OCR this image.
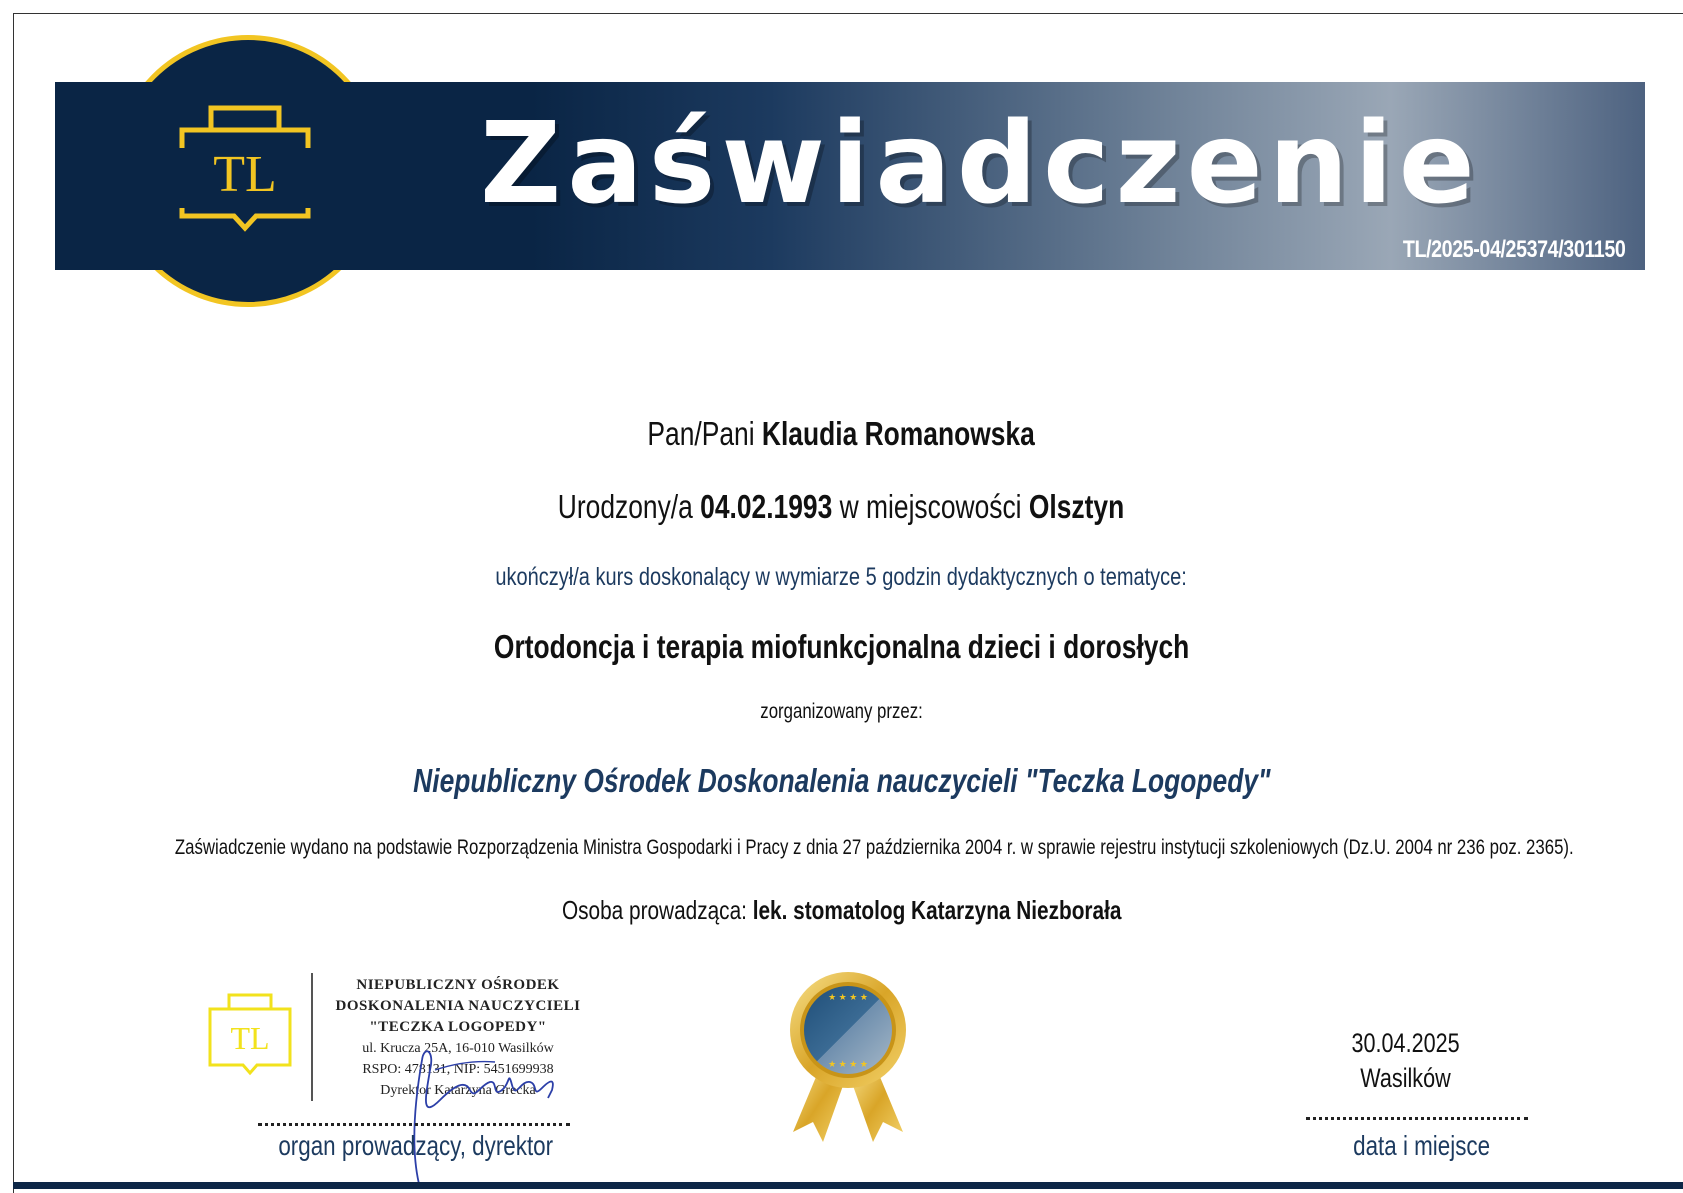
TL Zaświadczenie
TL/2025-04/25374/301150
Pan/Pani Klaudia Romanowska
Urodzony/a 04.02.1993 w miejscowości Olsztyn
ukończył/a kurs doskonalący w wymiarze 5 godzin dydaktycznych o tematyce:
Ortodoncja i terapia miofunkcjonalna dzieci i dorosłych
zorganizowany przez:
Niepubliczny Ośrodek Doskonalenia nauczycieli "Teczka Logopedy"
Zaświadczenie wydano na podstawie Rozporządzenia Ministra Gospodarki i Pracy z dnia 27 października 2004 r. w sprawie rejestru instytucji szkoleniowych (Dz.U. 2004 nr 236 poz. 2365).
Osoba prowadząca: lek. stomatolog Katarzyna Niezborała
TL
NIEPUBLICZNY OŚRODEK
DOSKONALENIA NAUCZYCIELI
"TECZKA LOGOPEDY"
ul. Krucza 25A, 16-010 Wasilków
RSPO: 478131, NIP: 5451699938
Dyrektor Katarzyna Grecka
organ prowadzący, dyrektor
★ ★ ★ ★
★ ★ ★ ★
30.04.2025
Wasilków
data i miejsce
